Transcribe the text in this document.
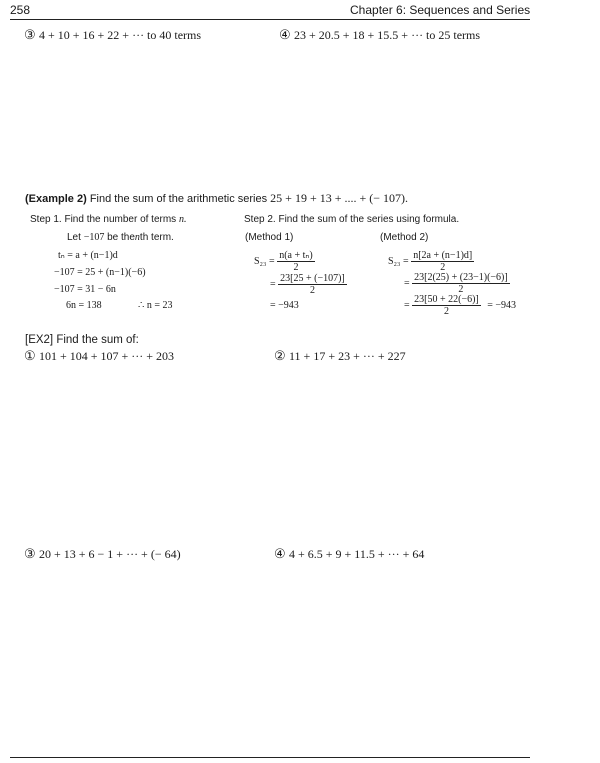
258	Chapter 6: Sequences and Series
③ 4 + 10 + 16 + 22 + ··· to 40 terms	④ 23 + 20.5 + 18 + 15.5 + ··· to 25 terms
(Example 2) Find the sum of the arithmetic series 25 + 19 + 13 + .... + (− 107).
Step 1. Find the number of terms n.
Let −107 be thenth term.
tₙ = a + (n−1)d
−107 = 25 + (n−1)(−6)
−107 = 31 − 6n
6n = 138	∴ n = 23
Step 2. Find the sum of the series using formula.
(Method 1)
$S_{23} = \frac{\text{n(a + tₙ)}}{2}$
= $\frac{23[25 + (-107)]}{2}$
= −943
(Method 2)
$S_{23} = \frac{n[2a + (n-1)d]}{2}$
= $\frac{23[2(25) + (23-1)(-6)]}{2}$
= $\frac{23[50 + 22(-6)]}{2} = -943$
[EX2] Find the sum of:
① 101 + 104 + 107 + ··· + 203	② 11 + 17 + 23 + ··· + 227
③ 20 + 13 + 6 − 1 + ··· + (− 64)	④ 4 + 6.5 + 9 + 11.5 + ··· + 64
